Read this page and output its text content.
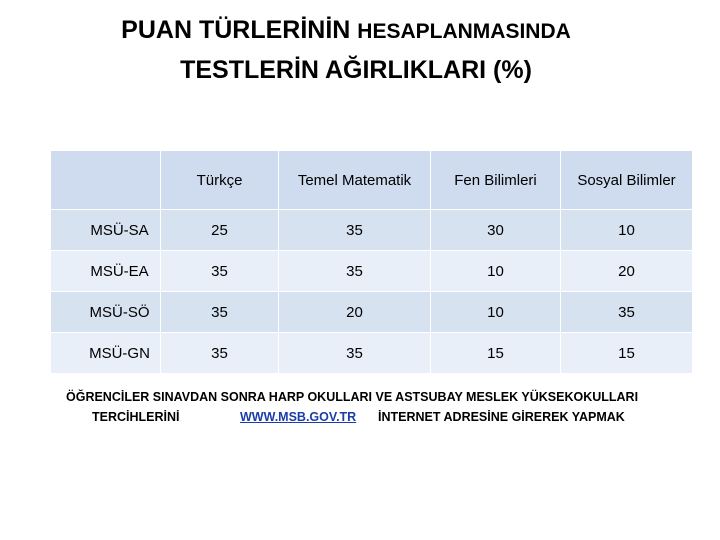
PUAN TÜRLERİNİN HESAPLANMASINDA
TESTLERİN AĞIRLIKLARI (%)
	Türkçe	Temel Matematik	Fen Bilimleri	Sosyal Bilimler
MSÜ-SA	25	35	30	10
MSÜ-EA	35	35	10	20
MSÜ-SÖ	35	20	10	35
MSÜ-GN	35	35	15	15
ÖĞRENCİLER SINAVDAN SONRA HARP OKULLARI VE ASTSUBAY MESLEK YÜKSEKOKULLARI
TERCİHLERİNİ	WWW.MSB.GOV.TR İNTERNET ADRESİNE GİREREK YAPMAK
